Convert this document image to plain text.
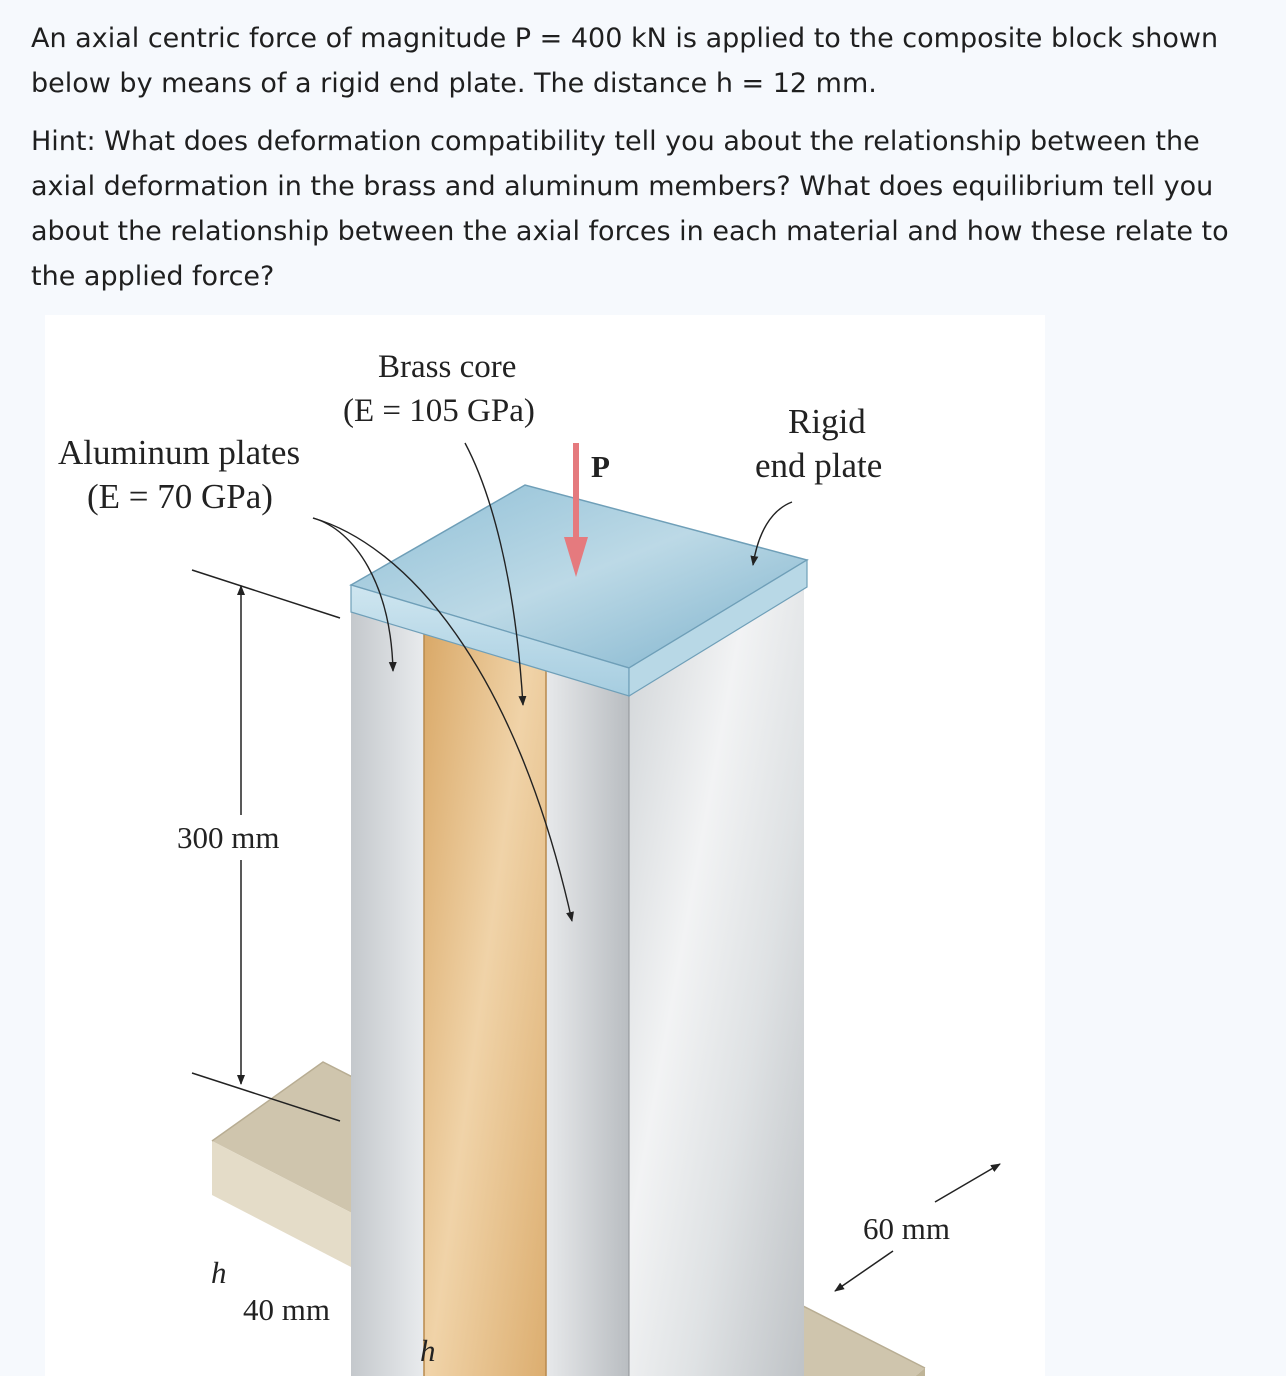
An axial centric force of magnitude P = 400 kN is applied to the composite block shown below by means of a rigid end plate. The distance h = 12 mm.

Hint: What does deformation compatibility tell you about the relationship between the axial deformation in the brass and aluminum members? What does equilibrium tell you about the relationship between the axial forces in each material and how these relate to the applied force?

P
300 mm
h
40 mm
h
60 mm
Brass core
(E = 105 GPa)
Aluminum plates
(E = 70 GPa)
Rigid
end plate
